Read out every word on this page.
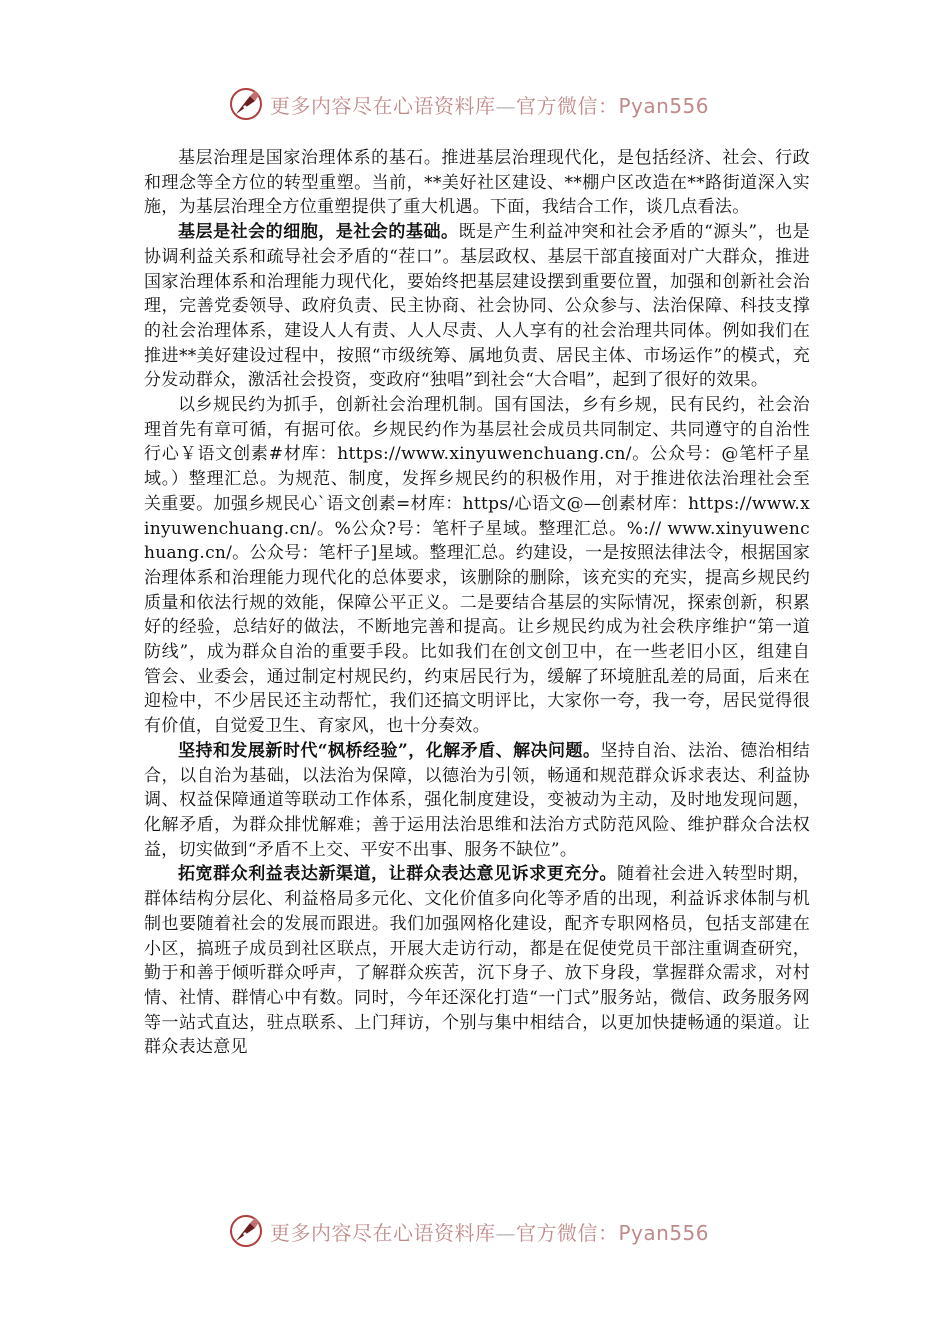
更多内容尽在心语资料库—官方微信：Pyan556

基层治理是国家治理体系的基石。推进基层治理现代化，是包括经济、社会、行政和理念等全方位的转型重塑。当前，**美好社区建设、**棚户区改造在**路街道深入实施，为基层治理全方位重塑提供了重大机遇。下面，我结合工作，谈几点看法。

基层是社会的细胞，是社会的基础。既是产生利益冲突和社会矛盾的“源头”，也是协调利益关系和疏导社会矛盾的“茬口”。基层政权、基层干部直接面对广大群众，推进国家治理体系和治理能力现代化，要始终把基层建设摆到重要位置，加强和创新社会治理，完善党委领导、政府负责、民主协商、社会协同、公众参与、法治保障、科技支撑的社会治理体系，建设人人有责、人人尽责、人人享有的社会治理共同体。例如我们在推进**美好建设过程中，按照“市级统筹、属地负责、居民主体、市场运作”的模式，充分发动群众，激活社会投资，变政府“独唱”到社会“大合唱”，起到了很好的效果。

以乡规民约为抓手，创新社会治理机制。国有国法，乡有乡规，民有民约，社会治理首先有章可循，有据可依。乡规民约作为基层社会成员共同制定、共同遵守的自治性行心￥语文创素#材库：https://www.xinyuwenchuang.cn/。公众号：@笔杆子星域。）整理汇总。为规范、制度，发挥乡规民约的积极作用，对于推进依法治理社会至关重要。加强乡规民心`语文创素=材库：https/心语文@—创素材库：https://www.xinyuwenchuang.cn/。%公众?号：笔杆子星域。整理汇总。%:// www.xinyuwenchuang.cn/。公众号：笔杆子]星域。整理汇总。约建设，一是按照法律法令，根据国家治理体系和治理能力现代化的总体要求，该删除的删除，该充实的充实，提高乡规民约质量和依法行规的效能，保障公平正义。二是要结合基层的实际情况，探索创新，积累好的经验，总结好的做法，不断地完善和提高。让乡规民约成为社会秩序维护“第一道防线”，成为群众自治的重要手段。比如我们在创文创卫中，在一些老旧小区，组建自管会、业委会，通过制定村规民约，约束居民行为，缓解了环境脏乱差的局面，后来在迎检中，不少居民还主动帮忙，我们还搞文明评比，大家你一夸，我一夸，居民觉得很有价值，自觉爱卫生、育家风，也十分奏效。

坚持和发展新时代“枫桥经验”，化解矛盾、解决问题。坚持自治、法治、德治相结合，以自治为基础，以法治为保障，以德治为引领，畅通和规范群众诉求表达、利益协调、权益保障通道等联动工作体系，强化制度建设，变被动为主动，及时地发现问题，化解矛盾，为群众排忧解难；善于运用法治思维和法治方式防范风险、维护群众合法权益，切实做到“矛盾不上交、平安不出事、服务不缺位”。

拓宽群众利益表达新渠道，让群众表达意见诉求更充分。随着社会进入转型时期，群体结构分层化、利益格局多元化、文化价值多向化等矛盾的出现，利益诉求体制与机制也要随着社会的发展而跟进。我们加强网格化建设，配齐专职网格员，包括支部建在小区，搞班子成员到社区联点，开展大走访行动，都是在促使党员干部注重调查研究，勤于和善于倾听群众呼声，了解群众疾苦，沉下身子、放下身段，掌握群众需求，对村情、社情、群情心中有数。同时，今年还深化打造“一门式”服务站，微信、政务服务网等一站式直达，驻点联系、上门拜访，个别与集中相结合，以更加快捷畅通的渠道。让群众表达意见

更多内容尽在心语资料库—官方微信：Pyan556
